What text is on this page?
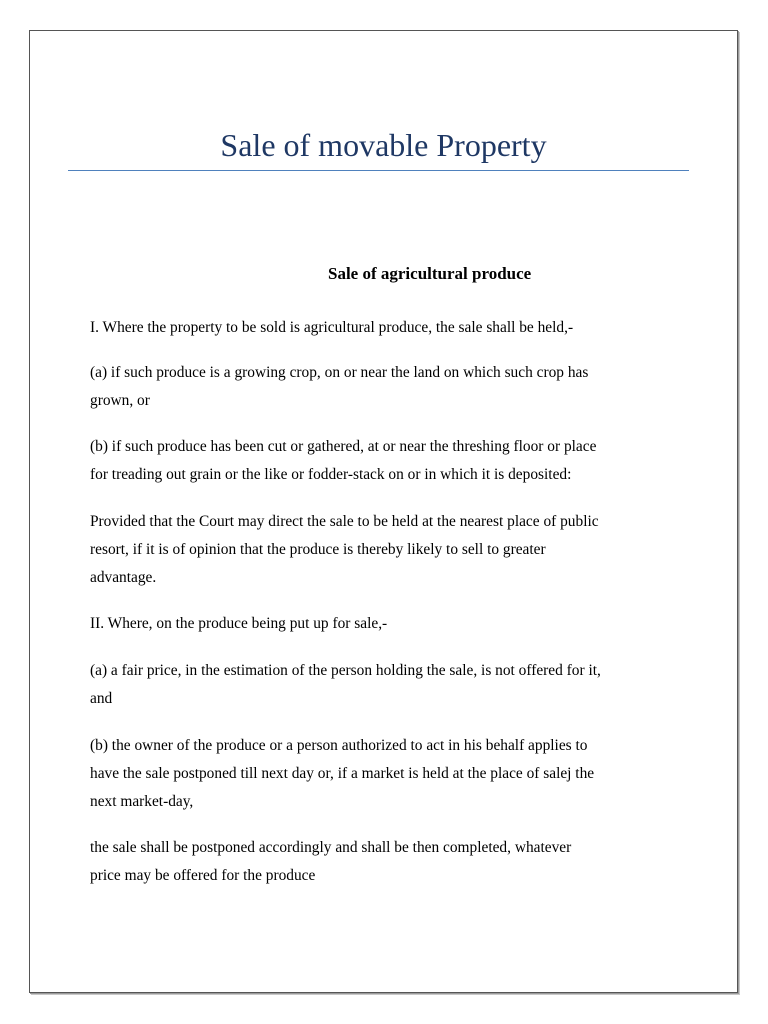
Sale of movable Property
Sale of agricultural produce

I. Where the property to be sold is agricultural produce, the sale shall be held,-

(a) if such produce is a growing crop, on or near the land on which such crop has
grown, or

(b) if such produce has been cut or gathered, at or near the threshing floor or place
for treading out grain or the like or fodder-stack on or in which it is deposited:

Provided that the Court may direct the sale to be held at the nearest place of public
resort, if it is of opinion that the produce is thereby likely to sell to greater
advantage.

II. Where, on the produce being put up for sale,-

(a) a fair price, in the estimation of the person holding the sale, is not offered for it,
and

(b) the owner of the produce or a person authorized to act in his behalf applies to
have the sale postponed till next day or, if a market is held at the place of salej the
next market-day,

the sale shall be postponed accordingly and shall be then completed, whatever
price may be offered for the produce
